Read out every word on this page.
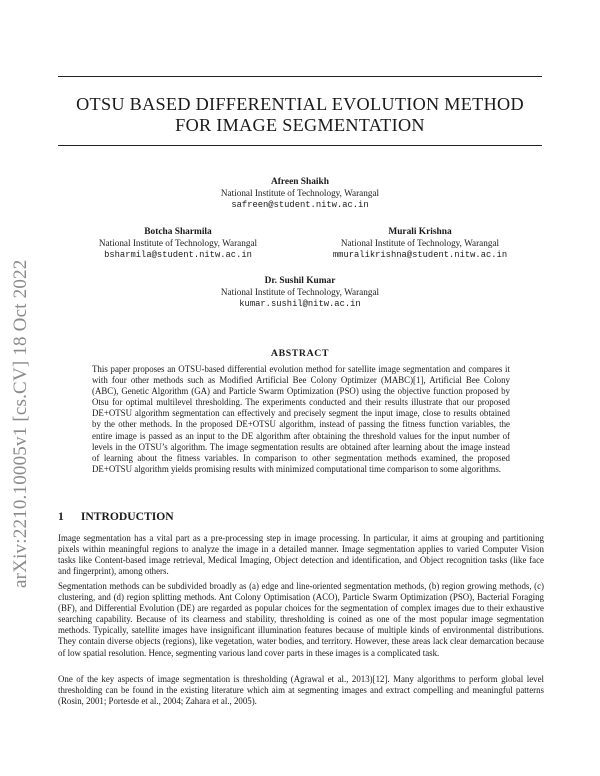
arXiv:2210.10005v1 [cs.CV] 18 Oct 2022
OTSU BASED DIFFERENTIAL EVOLUTION METHOD FOR IMAGE SEGMENTATION
Afreen Shaikh
National Institute of Technology, Warangal
safreen@student.nitw.ac.in
Botcha Sharmila
National Institute of Technology, Warangal
bsharmila@student.nitw.ac.in
Murali Krishna
National Institute of Technology, Warangal
mmuralikrishna@student.nitw.ac.in
Dr. Sushil Kumar
National Institute of Technology, Warangal
kumar.sushil@nitw.ac.in
ABSTRACT
This paper proposes an OTSU-based differential evolution method for satellite image segmentation and compares it with four other methods such as Modified Artificial Bee Colony Optimizer (MABC)[1], Artificial Bee Colony (ABC), Genetic Algorithm (GA) and Particle Swarm Optimization (PSO) using the objective function proposed by Otsu for optimal multilevel thresholding. The experiments conducted and their results illustrate that our proposed DE+OTSU algorithm segmentation can effectively and precisely segment the input image, close to results obtained by the other methods. In the proposed DE+OTSU algorithm, instead of passing the fitness function variables, the entire image is passed as an input to the DE algorithm after obtaining the threshold values for the input number of levels in the OTSU’s algorithm. The image segmentation results are obtained after learning about the image instead of learning about the fitness variables. In comparison to other segmentation methods examined, the proposed DE+OTSU algorithm yields promising results with minimized computational time comparison to some algorithms.
1 INTRODUCTION
Image segmentation has a vital part as a pre-processing step in image processing. In particular, it aims at grouping and partitioning pixels within meaningful regions to analyze the image in a detailed manner. Image segmentation applies to varied Computer Vision tasks like Content-based image retrieval, Medical Imaging, Object detection and identification, and Object recognition tasks (like face and fingerprint), among others.
Segmentation methods can be subdivided broadly as (a) edge and line-oriented segmentation methods, (b) region growing methods, (c) clustering, and (d) region splitting methods. Ant Colony Optimisation (ACO), Particle Swarm Optimization (PSO), Bacterial Foraging (BF), and Differential Evolution (DE) are regarded as popular choices for the segmentation of complex images due to their exhaustive searching capability. Because of its clearness and stability, thresholding is coined as one of the most popular image segmentation methods. Typically, satellite images have insignificant illumination features because of multiple kinds of environmental distributions. They contain diverse objects (regions), like vegetation, water bodies, and territory. However, these areas lack clear demarcation because of low spatial resolution. Hence, segmenting various land cover parts in these images is a complicated task.
One of the key aspects of image segmentation is thresholding (Agrawal et al., 2013)[12]. Many algorithms to perform global level thresholding can be found in the existing literature which aim at segmenting images and extract compelling and meaningful patterns (Rosin, 2001; Portesde et al., 2004; Zahara et al., 2005).
